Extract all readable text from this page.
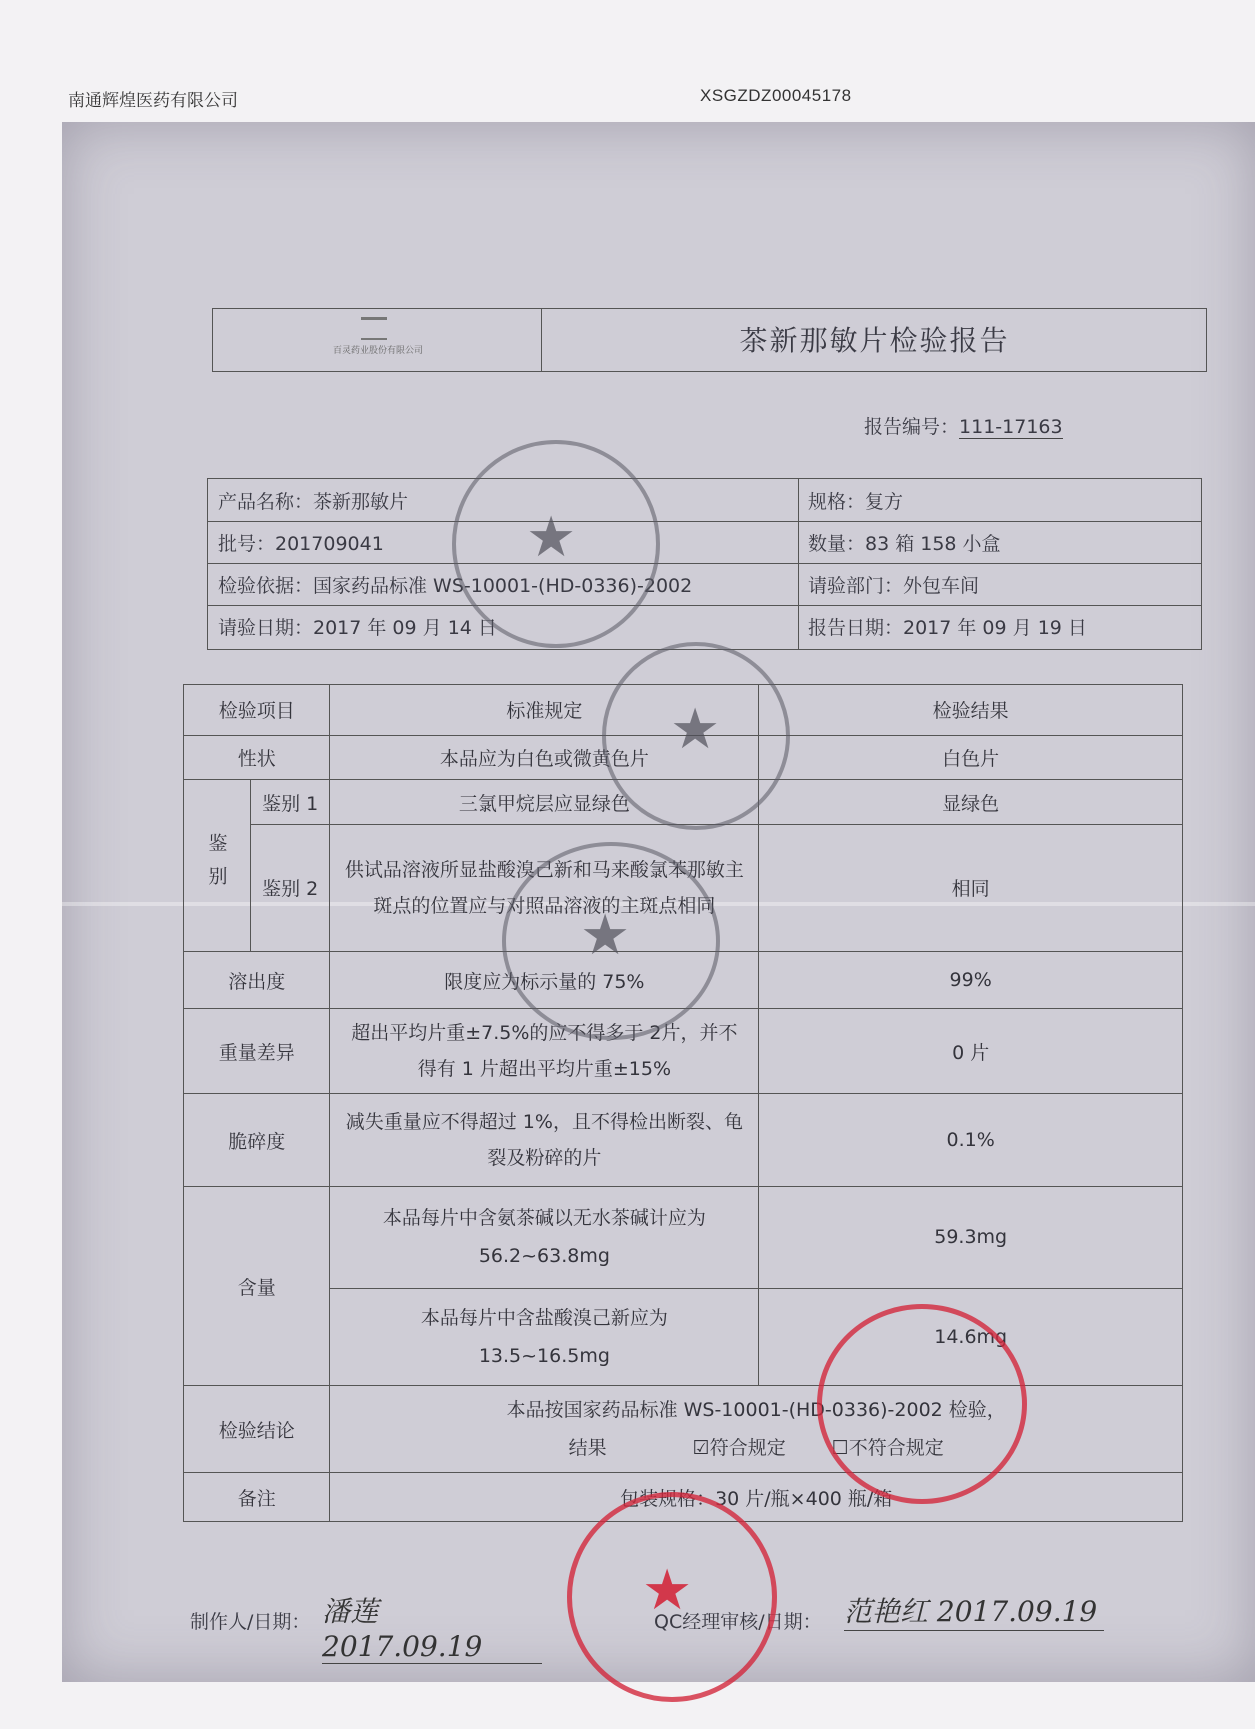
南通辉煌医药有限公司	XSGZDZ00045178
百灵药业股份有限公司	茶新那敏片检验报告
报告编号：111-17163
产品名称：茶新那敏片	规格：复方
批号：201709041	数量：83 箱 158 小盒
检验依据：国家药品标准 WS-10001-(HD-0336)-2002	请验部门：外包车间
请验日期：2017 年 09 月 14 日	报告日期：2017 年 09 月 19 日
检验项目		标准规定	检验结果
性状		本品应为白色或微黄色片	白色片
鉴别	鉴别 1	三氯甲烷层应显绿色	显绿色
	鉴别 2	供试品溶液所显盐酸溴己新和马来酸氯苯那敏主斑点的位置应与对照品溶液的主斑点相同	相同
溶出度		限度应为标示量的 75%	99%
重量差异		超出平均片重±7.5%的应不得多于 2片，并不得有 1 片超出平均片重±15%	0 片
脆碎度		减失重量应不得超过 1%，且不得检出断裂、龟裂及粉碎的片	0.1%
含量		本品每片中含氨茶碱以无水茶碱计应为 56.2~63.8mg	59.3mg
		本品每片中含盐酸溴己新应为 13.5~16.5mg	14.6mg
检验结论		本品按国家药品标准 WS-10001-(HD-0336)-2002 检验，
结果 ☑符合规定 ☐不符合规定	

备注		包装规格：30 片/瓶×400 瓶/箱	
制作人/日期： 潘莲 2017.09.19
QC经理审核/日期： 范艳红 2017.09.19
★
★
★
★
